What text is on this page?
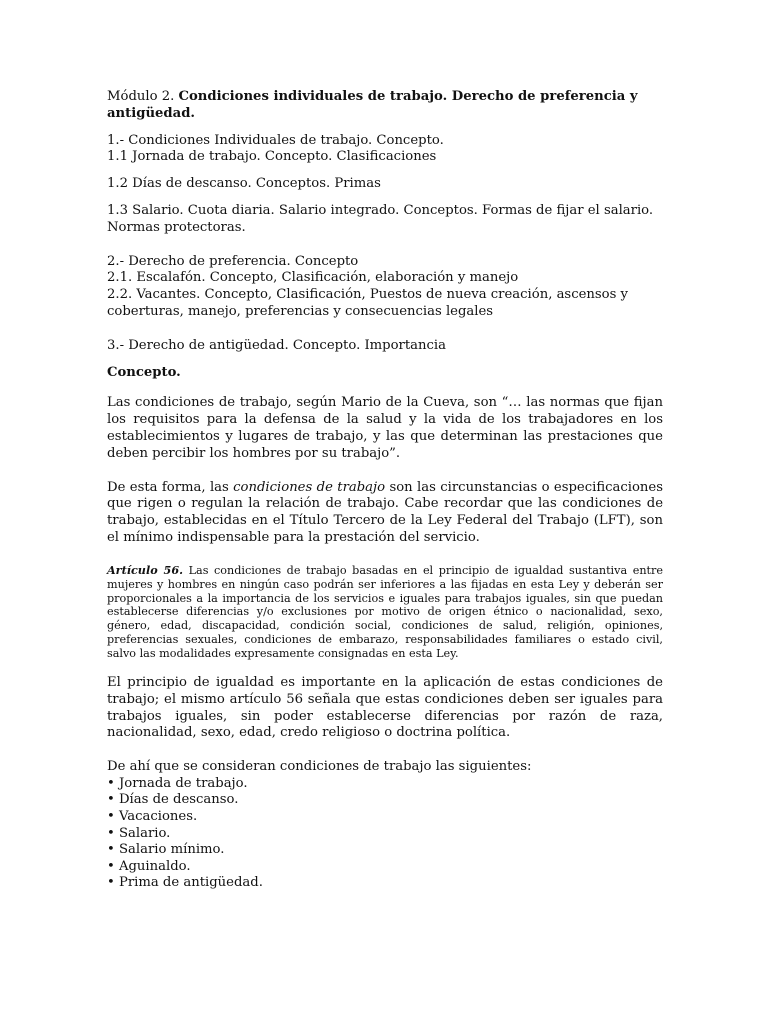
Módulo 2. Condiciones individuales de trabajo. Derecho de preferencia y antigüedad.

1.- Condiciones Individuales de trabajo. Concepto.

1.1 Jornada de trabajo. Concepto. Clasificaciones

1.2 Días de descanso. Conceptos. Primas

1.3 Salario. Cuota diaria. Salario integrado. Conceptos. Formas de fijar el salario. Normas protectoras.

2.- Derecho de preferencia. Concepto

2.1. Escalafón. Concepto, Clasificación, elaboración y manejo

2.2. Vacantes. Concepto, Clasificación, Puestos de nueva creación, ascensos y coberturas, manejo, preferencias y consecuencias legales

3.- Derecho de antigüedad. Concepto. Importancia

Concepto.

Las condiciones de trabajo, según Mario de la Cueva, son “… las normas que fijan los requisitos para la defensa de la salud y la vida de los trabajadores en los establecimientos y lugares de trabajo, y las que determinan las prestaciones que deben percibir los hombres por su trabajo”.

De esta forma, las condiciones de trabajo son las circunstancias o especificaciones que rigen o regulan la relación de trabajo. Cabe recordar que las condiciones de trabajo, establecidas en el Título Tercero de la Ley Federal del Trabajo (LFT), son el mínimo indispensable para la prestación del servicio.

Artículo 56. Las condiciones de trabajo basadas en el principio de igualdad sustantiva entre mujeres y hombres en ningún caso podrán ser inferiores a las fijadas en esta Ley y deberán ser proporcionales a la importancia de los servicios e iguales para trabajos iguales, sin que puedan establecerse diferencias y/o exclusiones por motivo de origen étnico o nacionalidad, sexo, género, edad, discapacidad, condición social, condiciones de salud, religión, opiniones, preferencias sexuales, condiciones de embarazo, responsabilidades familiares o estado civil, salvo las modalidades expresamente consignadas en esta Ley.

El principio de igualdad es importante en la aplicación de estas condiciones de trabajo; el mismo artículo 56 señala que estas condiciones deben ser iguales para trabajos iguales, sin poder establecerse diferencias por razón de raza, nacionalidad, sexo, edad, credo religioso o doctrina política.

De ahí que se consideran condiciones de trabajo las siguientes:

• Jornada de trabajo.

• Días de descanso.

• Vacaciones.

• Salario.

• Salario mínimo.

• Aguinaldo.

• Prima de antigüedad.
